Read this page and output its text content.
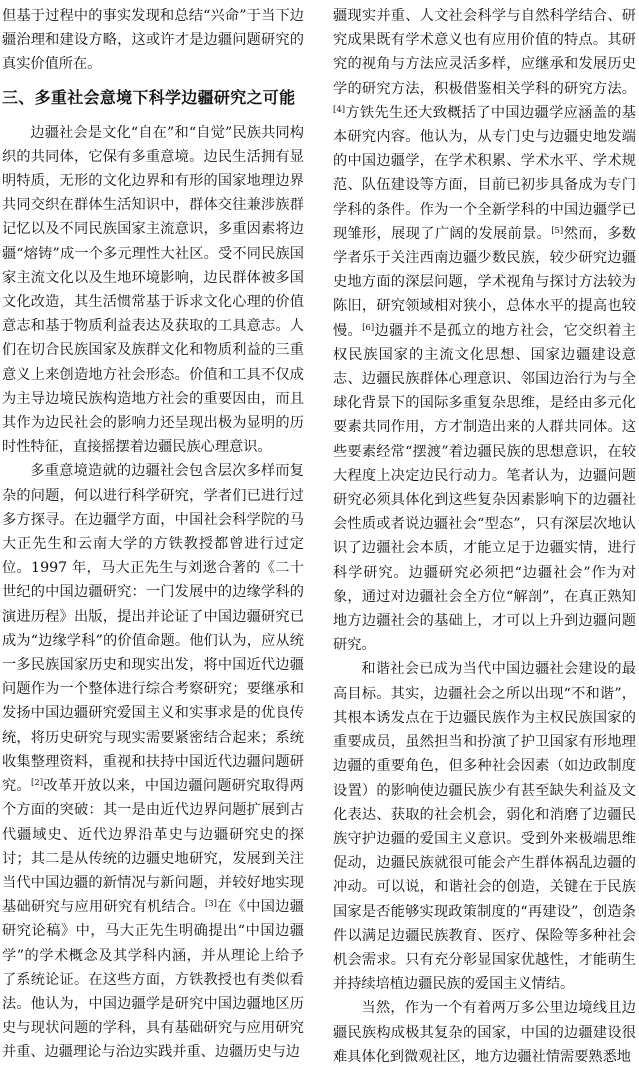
但基于过程中的事实发现和总结“兴命”于当下边疆治理和建设方略，这或许才是边疆问题研究的真实价值所在。

三、多重社会意境下科学边疆研究之可能

边疆社会是文化“自在”和“自觉”民族共同构织的共同体，它保有多重意境。边民生活拥有显明特质，无形的文化边界和有形的国家地理边界共同交织在群体生活知识中，群体交往兼涉族群记忆以及不同民族国家主流意识，多重因素将边疆“熔铸”成一个多元理性大社区。受不同民族国家主流文化以及生地环境影响，边民群体被多国文化改造，其生活惯常基于诉求文化心理的价值意志和基于物质利益表达及获取的工具意志。人们在切合民族国家及族群文化和物质利益的三重意义上来创造地方社会形态。价值和工具不仅成为主导边境民族构造地方社会的重要因由，而且其作为边民社会的影响力还呈现出极为显明的历时性特征，直接摇摆着边疆民族心理意识。

多重意境造就的边疆社会包含层次多样而复杂的问题，何以进行科学研究，学者们已进行过多方探寻。在边疆学方面，中国社会科学院的马大正先生和云南大学的方铁教授都曾进行过定位。1997 年，马大正先生与刘逖合著的《二十世纪的中国边疆研究：一门发展中的边缘学科的演进历程》出版，提出并论证了中国边疆研究已成为“边缘学科”的价值命题。他们认为，应从统一多民族国家历史和现实出发，将中国近代边疆问题作为一个整体进行综合考察研究；要继承和发扬中国边疆研究爱国主义和实事求是的优良传统，将历史研究与现实需要紧密结合起来；系统收集整理资料，重视和扶持中国近代边疆问题研究。[2]改革开放以来，中国边疆问题研究取得两个方面的突破：其一是由近代边界问题扩展到古代疆域史、近代边界沿革史与边疆研究史的探讨；其二是从传统的边疆史地研究，发展到关注当代中国边疆的新情况与新问题，并较好地实现基础研究与应用研究有机结合。[3]在《中国边疆研究论稿》中，马大正先生明确提出“中国边疆学”的学术概念及其学科内涵，并从理论上给予了系统论证。在这些方面，方铁教授也有类似看法。他认为，中国边疆学是研究中国边疆地区历史与现状问题的学科，具有基础研究与应用研究并重、边疆理论与治边实践并重、边疆历史与边

疆现实并重、人文社会科学与自然科学结合、研究成果既有学术意义也有应用价值的特点。其研究的视角与方法应灵活多样，应继承和发展历史学的研究方法，积极借鉴相关学科的研究方法。[4]方铁先生还大致概括了中国边疆学应涵盖的基本研究内容。他认为，从专门史与边疆史地发端的中国边疆学，在学术积累、学术水平、学术规范、队伍建设等方面，目前已初步具备成为专门学科的条件。作为一个全新学科的中国边疆学已现雏形，展现了广阔的发展前景。[5]然而，多数学者乐于关注西南边疆少数民族，较少研究边疆史地方面的深层问题，学术视角与探讨方法较为陈旧，研究领域相对狭小，总体水平的提高也较慢。[6]边疆并不是孤立的地方社会，它交织着主权民族国家的主流文化思想、国家边疆建设意志、边疆民族群体心理意识、邻国边治行为与全球化背景下的国际多重复杂思维，是经由多元化要素共同作用，方才制造出来的人群共同体。这些要素经常“摆渡”着边疆民族的思想意识，在较大程度上决定边民行动力。笔者认为，边疆问题研究必须具体化到这些复杂因素影响下的边疆社会性质或者说边疆社会“型态”，只有深层次地认识了边疆社会本质，才能立足于边疆实情，进行科学研究。边疆研究必须把“边疆社会”作为对象，通过对边疆社会全方位“解剖”，在真正熟知地方边疆社会的基础上，才可以上升到边疆问题研究。

和谐社会已成为当代中国边疆社会建设的最高目标。其实，边疆社会之所以出现“不和谐”，其根本诱发点在于边疆民族作为主权民族国家的重要成员，虽然担当和扮演了护卫国家有形地理边疆的重要角色，但多种社会因素（如边政制度设置）的影响使边疆民族少有甚至缺失利益及文化表达、获取的社会机会，弱化和消磨了边疆民族守护边疆的爱国主义意识。受到外来极端思维促动，边疆民族就很可能会产生群体祸乱边疆的冲动。可以说，和谐社会的创造，关键在于民族国家是否能够实现政策制度的“再建设”，创造条件以满足边疆民族教育、医疗、保险等多种社会机会需求。只有充分彰显国家优越性，才能萌生并持续培植边疆民族的爱国主义情结。

当然，作为一个有着两万多公里边境线且边疆民族构成极其复杂的国家，中国的边疆建设很难具体化到微观社区，地方边疆社情需要熟悉地
